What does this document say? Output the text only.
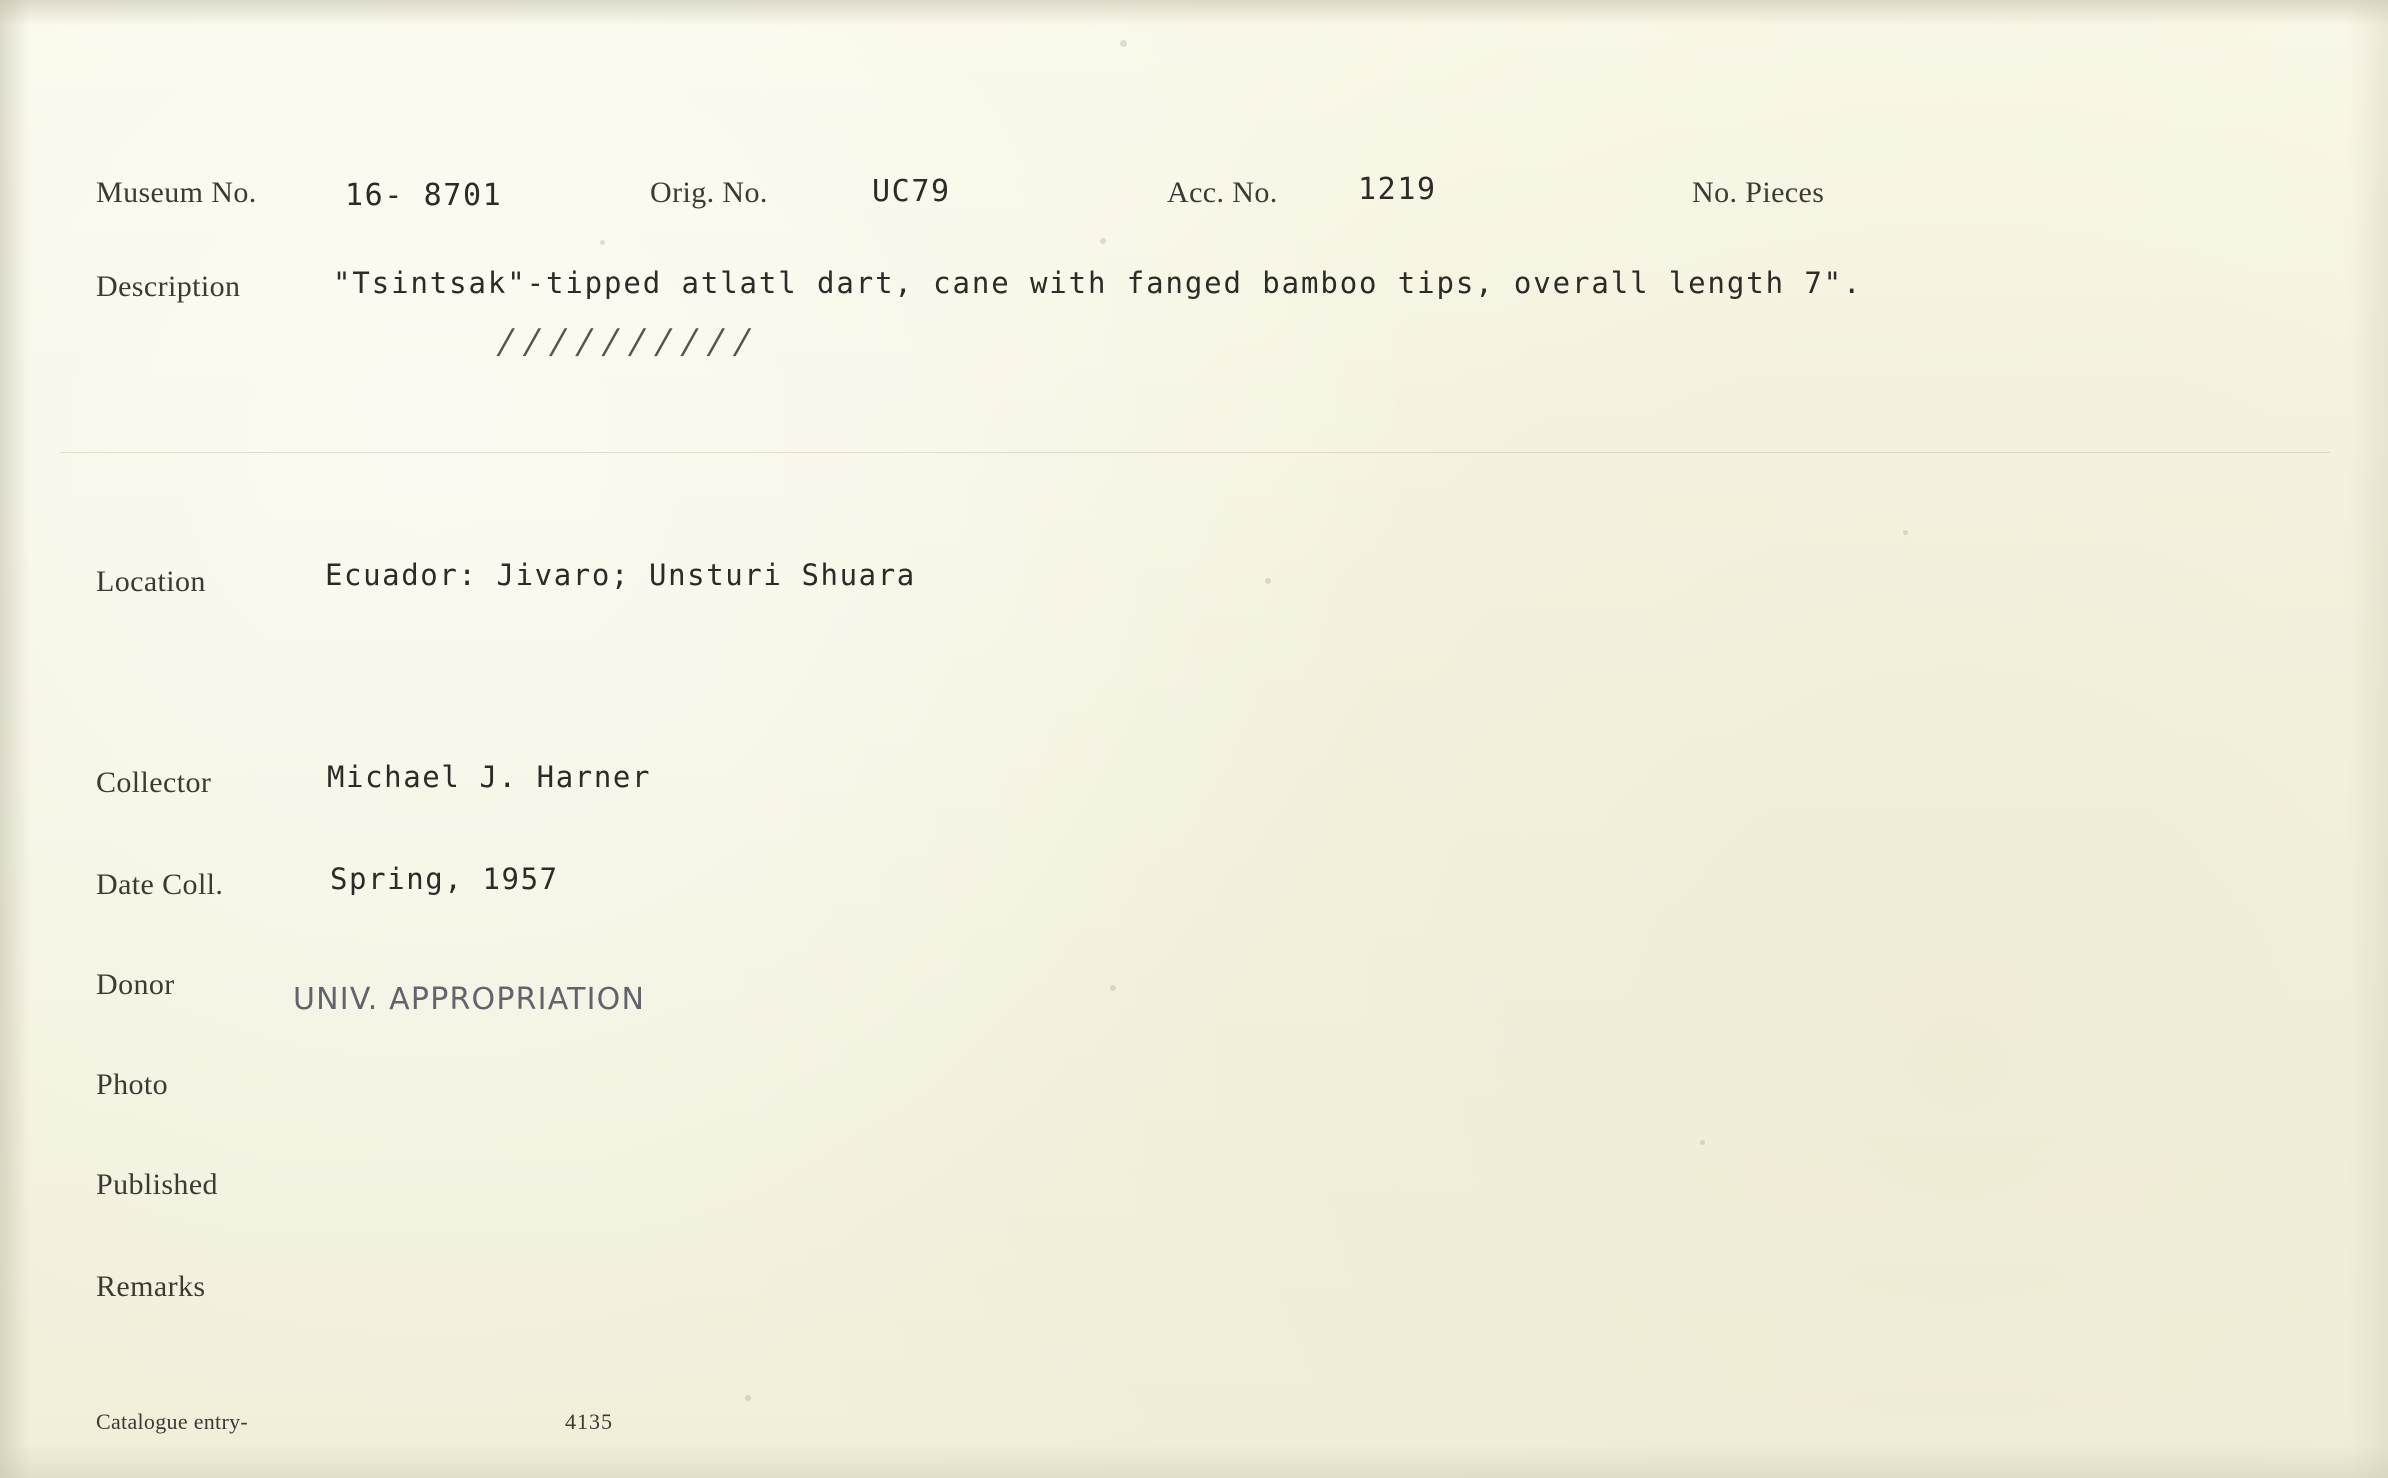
Museum No.	16- 8701	Orig. No.	UC79	Acc. No.	1219	No. Pieces
Description	"Tsintsak"-tipped atlatl dart, cane with fanged bamboo tips, overall length 7".
/ / / / / / / / / /
Location	Ecuador: Jivaro; Unsturi Shuara
Collector	Michael J. Harner
Date Coll.	Spring, 1957
Donor	UNIV. APPROPRIATION
Photo
Published
Remarks
Catalogue entry-	4135
